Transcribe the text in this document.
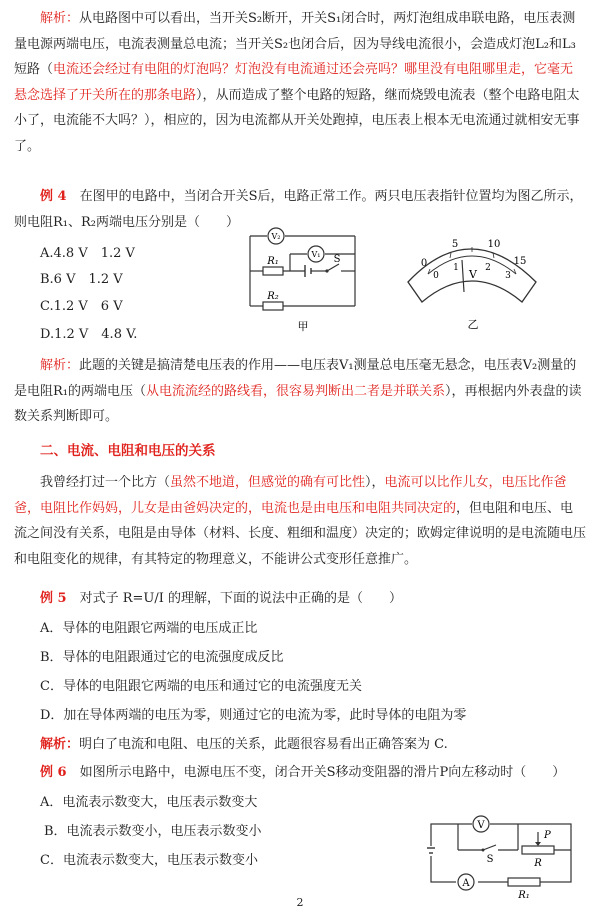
解析：从电路图中可以看出，当开关S₂断开，开关S₁闭合时，两灯泡组成串联电路，电压表测量电源两端电压，电流表测量总电流；当开关S₂也闭合后，因为导线电流很小，会造成灯泡L₂和L₃短路（电流还会经过有电阻的灯泡吗？灯泡没有电流通过还会亮吗？哪里没有电阻哪里走，它毫无悬念选择了开关所在的那条电路），从而造成了整个电路的短路，继而烧毁电流表（整个电路电阻太小了，电流能不大吗？），相应的，因为电流都从开关处跑掉，电压表上根本无电流通过就相安无事了。
例 4　 在图甲的电路中，当闭合开关S后，电路正常工作。两只电压表指针位置均为图乙所示，则电阻R₁、R₂两端电压分别是（　　）
A.4.8 V　1.2 V
B.6 V　1.2 V
C.1.2 V　6 V
D.1.2 V　4.8 V.
V₂
V₁
R₁
R₂
S
甲
0
5	10
15
0
1	2
3
V
乙
解析：此题的关键是搞清楚电压表的作用——电压表V₁测量总电压毫无悬念，电压表V₂测量的是电阻R₁的两端电压（从电流流经的路线看，很容易判断出二者是并联关系），再根据内外表盘的读数关系判断即可。
二、电流、电阻和电压的关系
我曾经打过一个比方（虽然不地道，但感觉的确有可比性），电流可以比作儿女，电压比作爸爸，电阻比作妈妈，儿女是由爸妈决定的，电流也是由电压和电阻共同决定的，但电阻和电压、电流之间没有关系，电阻是由导体（材料、长度、粗细和温度）决定的；欧姆定律说明的是电流随电压和电阻变化的规律，有其特定的物理意义，不能讲公式变形任意推广。
例 5　 对式子 R=U/I 的理解，下面的说法中正确的是（　　）
A．导体的电阻跟它两端的电压成正比
B．导体的电阻跟通过它的电流强度成反比
C．导体的电阻跟它两端的电压和通过它的电流强度无关
D．加在导体两端的电压为零，则通过它的电流为零，此时导体的电阻为零
解析：明白了电流和电阻、电压的关系，此题很容易看出正确答案为 C.
例 6　 如图所示电路中，电源电压不变，闭合开关S移动变阻器的滑片P向左移动时（　　）
A．电流表示数变大，电压表示数变大
B．电流表示数变小，电压表示数变小
C．电流表示数变大，电压表示数变小
V
A
P
R
R₁
S
2
